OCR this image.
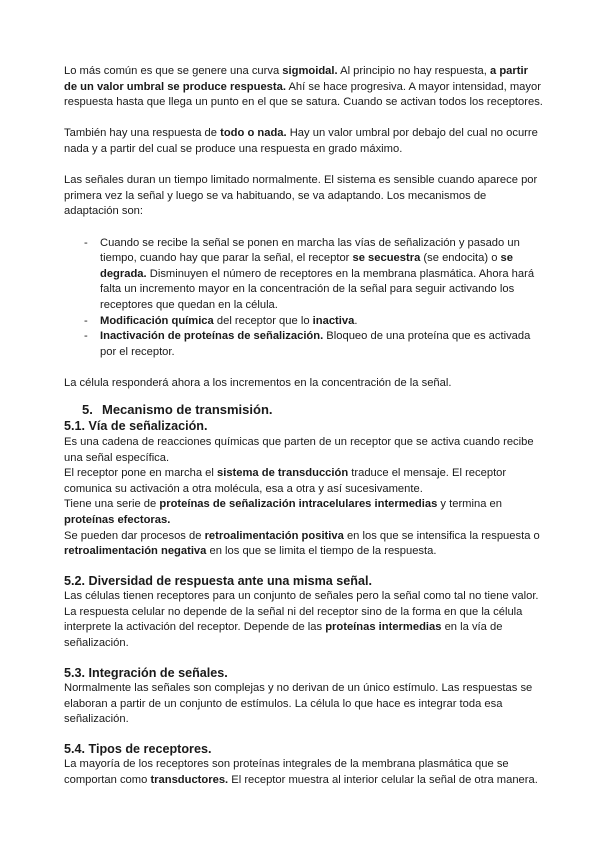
Lo más común es que se genere una curva sigmoidal. Al principio no hay respuesta, a partir de un valor umbral se produce respuesta. Ahí se hace progresiva. A mayor intensidad, mayor respuesta hasta que llega un punto en el que se satura. Cuando se activan todos los receptores.

También hay una respuesta de todo o nada. Hay un valor umbral por debajo del cual no ocurre nada y a partir del cual se produce una respuesta en grado máximo.

Las señales duran un tiempo limitado normalmente. El sistema es sensible cuando aparece por primera vez la señal y luego se va habituando, se va adaptando. Los mecanismos de adaptación son:

- Cuando se recibe la señal se ponen en marcha las vías de señalización y pasado un tiempo, cuando hay que parar la señal, el receptor se secuestra (se endocita) o se degrada. Disminuyen el número de receptores en la membrana plasmática. Ahora hará falta un incremento mayor en la concentración de la señal para seguir activando los receptores que quedan en la célula.
- Modificación química del receptor que lo inactiva.
- Inactivación de proteínas de señalización. Bloqueo de una proteína que es activada por el receptor.

La célula responderá ahora a los incrementos en la concentración de la señal.

5. Mecanismo de transmisión.

5.1. Vía de señalización.

Es una cadena de reacciones químicas que parten de un receptor que se activa cuando recibe una señal específica.

El receptor pone en marcha el sistema de transducción traduce el mensaje. El receptor comunica su activación a otra molécula, esa a otra y así sucesivamente.

Tiene una serie de proteínas de señalización intracelulares intermedias y termina en proteínas efectoras.

Se pueden dar procesos de retroalimentación positiva en los que se intensifica la respuesta o retroalimentación negativa en los que se limita el tiempo de la respuesta.

5.2. Diversidad de respuesta ante una misma señal.

Las células tienen receptores para un conjunto de señales pero la señal como tal no tiene valor. La respuesta celular no depende de la señal ni del receptor sino de la forma en que la célula interprete la activación del receptor. Depende de las proteínas intermedias en la vía de señalización.

5.3. Integración de señales.

Normalmente las señales son complejas y no derivan de un único estímulo. Las respuestas se elaboran a partir de un conjunto de estímulos. La célula lo que hace es integrar toda esa señalización.

5.4. Tipos de receptores.

La mayoría de los receptores son proteínas integrales de la membrana plasmática que se comportan como transductores. El receptor muestra al interior celular la señal de otra manera.
